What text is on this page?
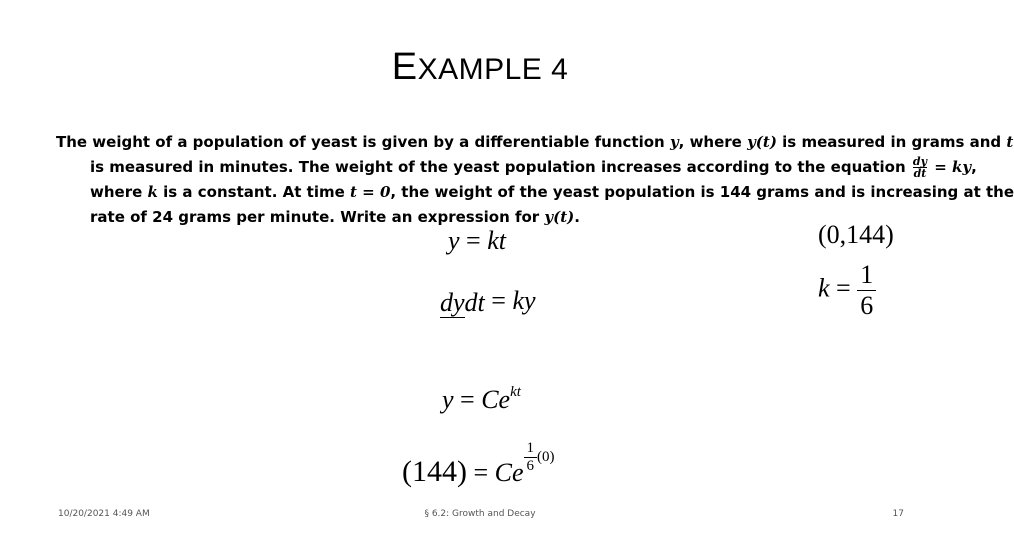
EXAMPLE 4
The weight of a population of yeast is given by a differentiable function y, where y(t) is measured in grams and t
is measured in minutes. The weight of the yeast population increases according to the equation $\frac{dy}{dt}$ = ky,
where k is a constant. At time t = 0, the weight of the yeast population is 144 grams and is increasing at the
rate of 24 grams per minute. Write an expression for y(t).
y = kt	(0,144)
$k = \frac{1}{6}$
dydt = ky
$y = Ce^{kt}$
(144) = Ce $\frac{1}{6} (0)$
10/20/2021 4:49 AM	§ 6.2: Growth and Decay	17
